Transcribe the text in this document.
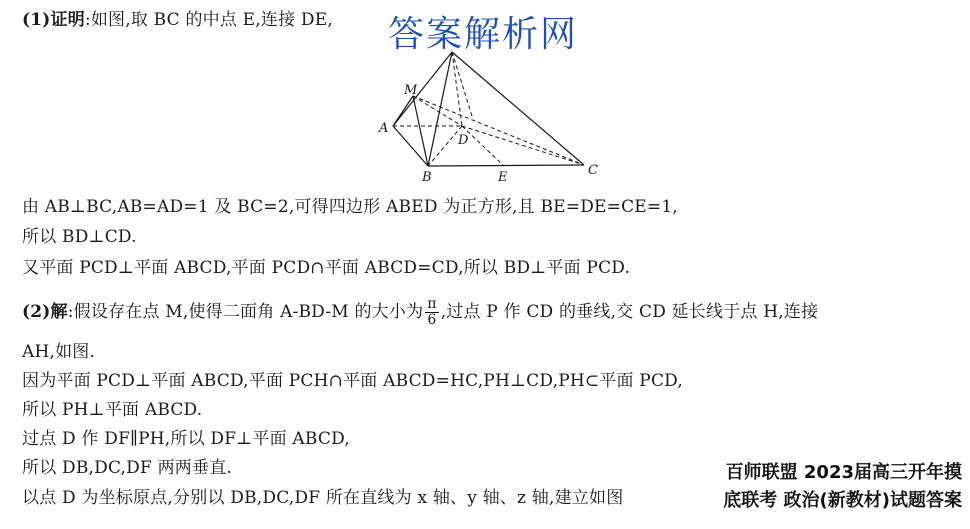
(1)证明:如图,取 BC 的中点 E,连接 DE, 答案解析网
M
A
D
B	E	C
由 AB⊥BC,AB=AD=1 及 BC=2,可得四边形 ABED 为正方形,且 BE=DE=CE=1,
所以 BD⊥CD.
又平面 PCD⊥平面 ABCD,平面 PCD∩平面 ABCD=CD,所以 BD⊥平面 PCD.
(2)解:假设存在点 M,使得二面角 A-BD-M 的大小为 $\frac{\pi}{6}$ ,过点 P 作 CD 的垂线,交 CD 延长线于点 H,连接
AH,如图.
因为平面 PCD⊥平面 ABCD,平面 PCH∩平面 ABCD=HC,PH⊥CD,PH⊂平面 PCD,
所以 PH⊥平面 ABCD.
过点 D 作 DF∥PH,所以 DF⊥平面 ABCD,
所以 DB,DC,DF 两两垂直.
以点 D 为坐标原点,分别以 DB,DC,DF 所在直线为 x 轴、y 轴、z 轴,建立如图
百师联盟 2023届高三开年摸
底联考 政治(新教材)试题答案
